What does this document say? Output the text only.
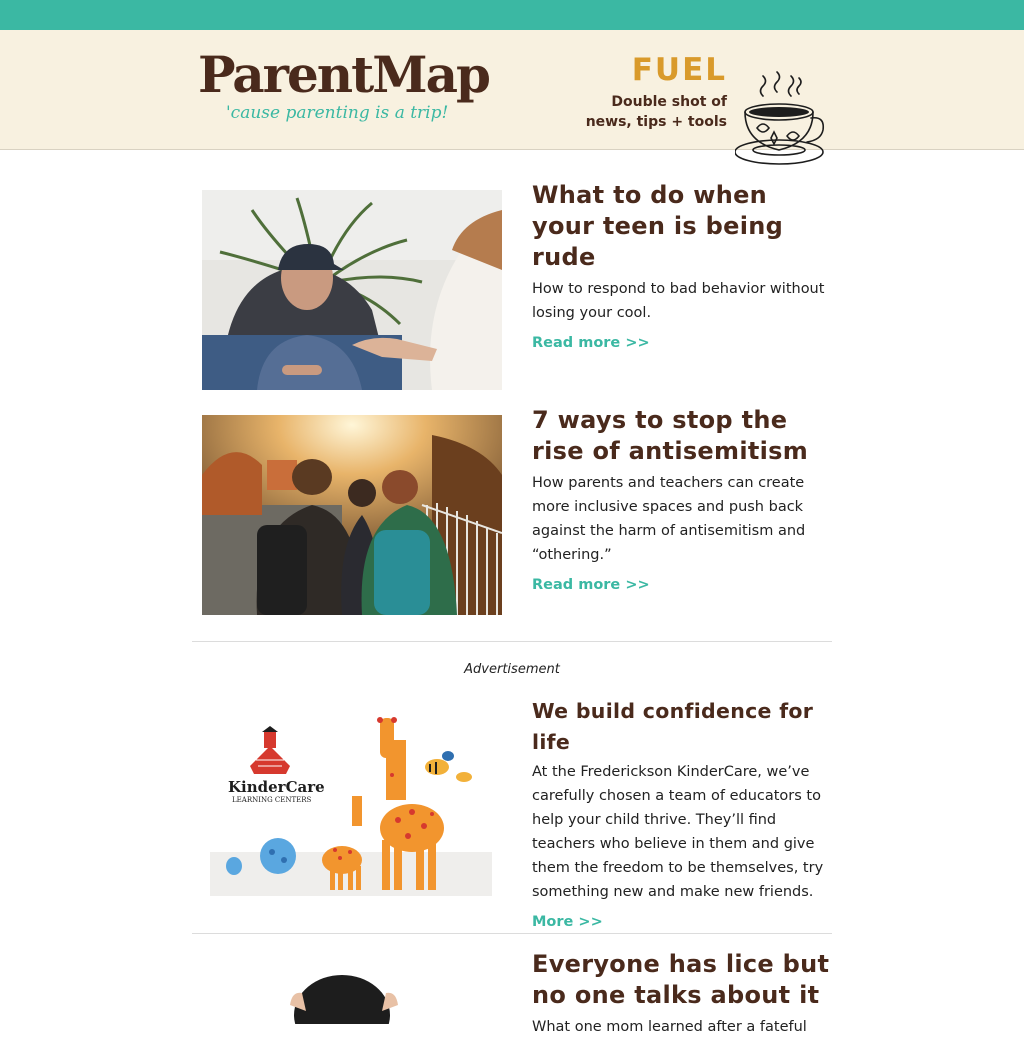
ParentMap
'cause parenting is a trip!
FUEL
Double shot of
news, tips + tools
What to do when your teen is being rude

How to respond to bad behavior without losing your cool.

Read more >>
7 ways to stop the rise of antisemitism

How parents and teachers can create more inclusive spaces and push back against the harm of antisemitism and “othering.”

Read more >>
Advertisement
KinderCare
LEARNING CENTERS
We build confidence for life

At the Frederickson KinderCare, we’ve carefully chosen a team of educators to help your child thrive. They’ll find teachers who believe in them and give them the freedom to be themselves, try something new and make new friends.

More >>
Everyone has lice but no one talks about it

What one mom learned after a fateful
